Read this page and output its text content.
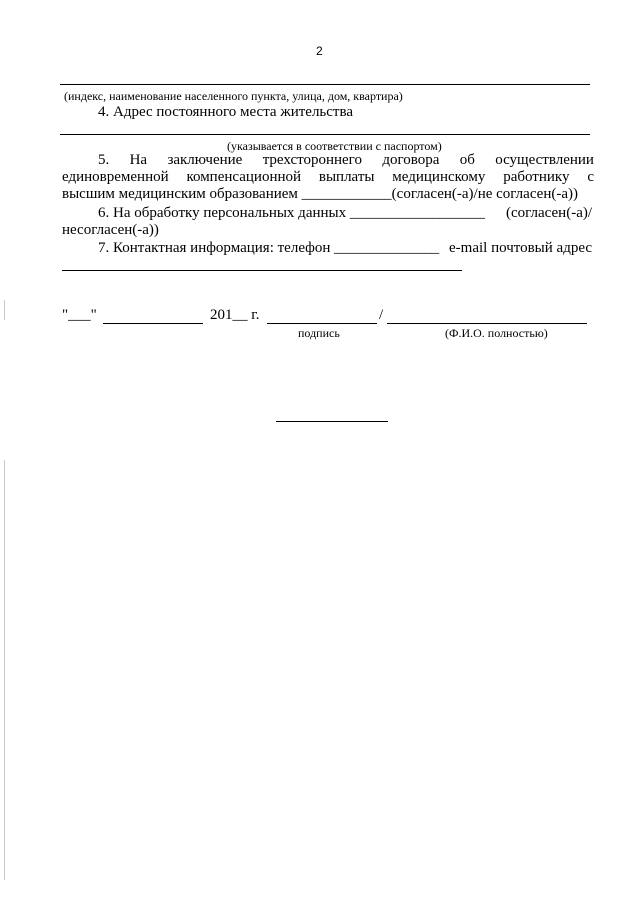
2
(индекс, наименование населенного пункта, улица, дом, квартира)
4. Адрес постоянного места жительства
(указывается в соответствии с паспортом)
5. На заключение трехстороннего договора об осуществлении
единовременной компенсационной выплаты медицинскому работнику с
высшим медицинским образованием ____________(согласен(-а)/не согласен(-а))
6. На обработку персональных данных __________________ (согласен(-а)/
несогласен(-а))
7. Контактная информация: телефон ______________ e-mail почтовый адрес
"___"	201__ г.	/
подпись	(Ф.И.О. полностью)
